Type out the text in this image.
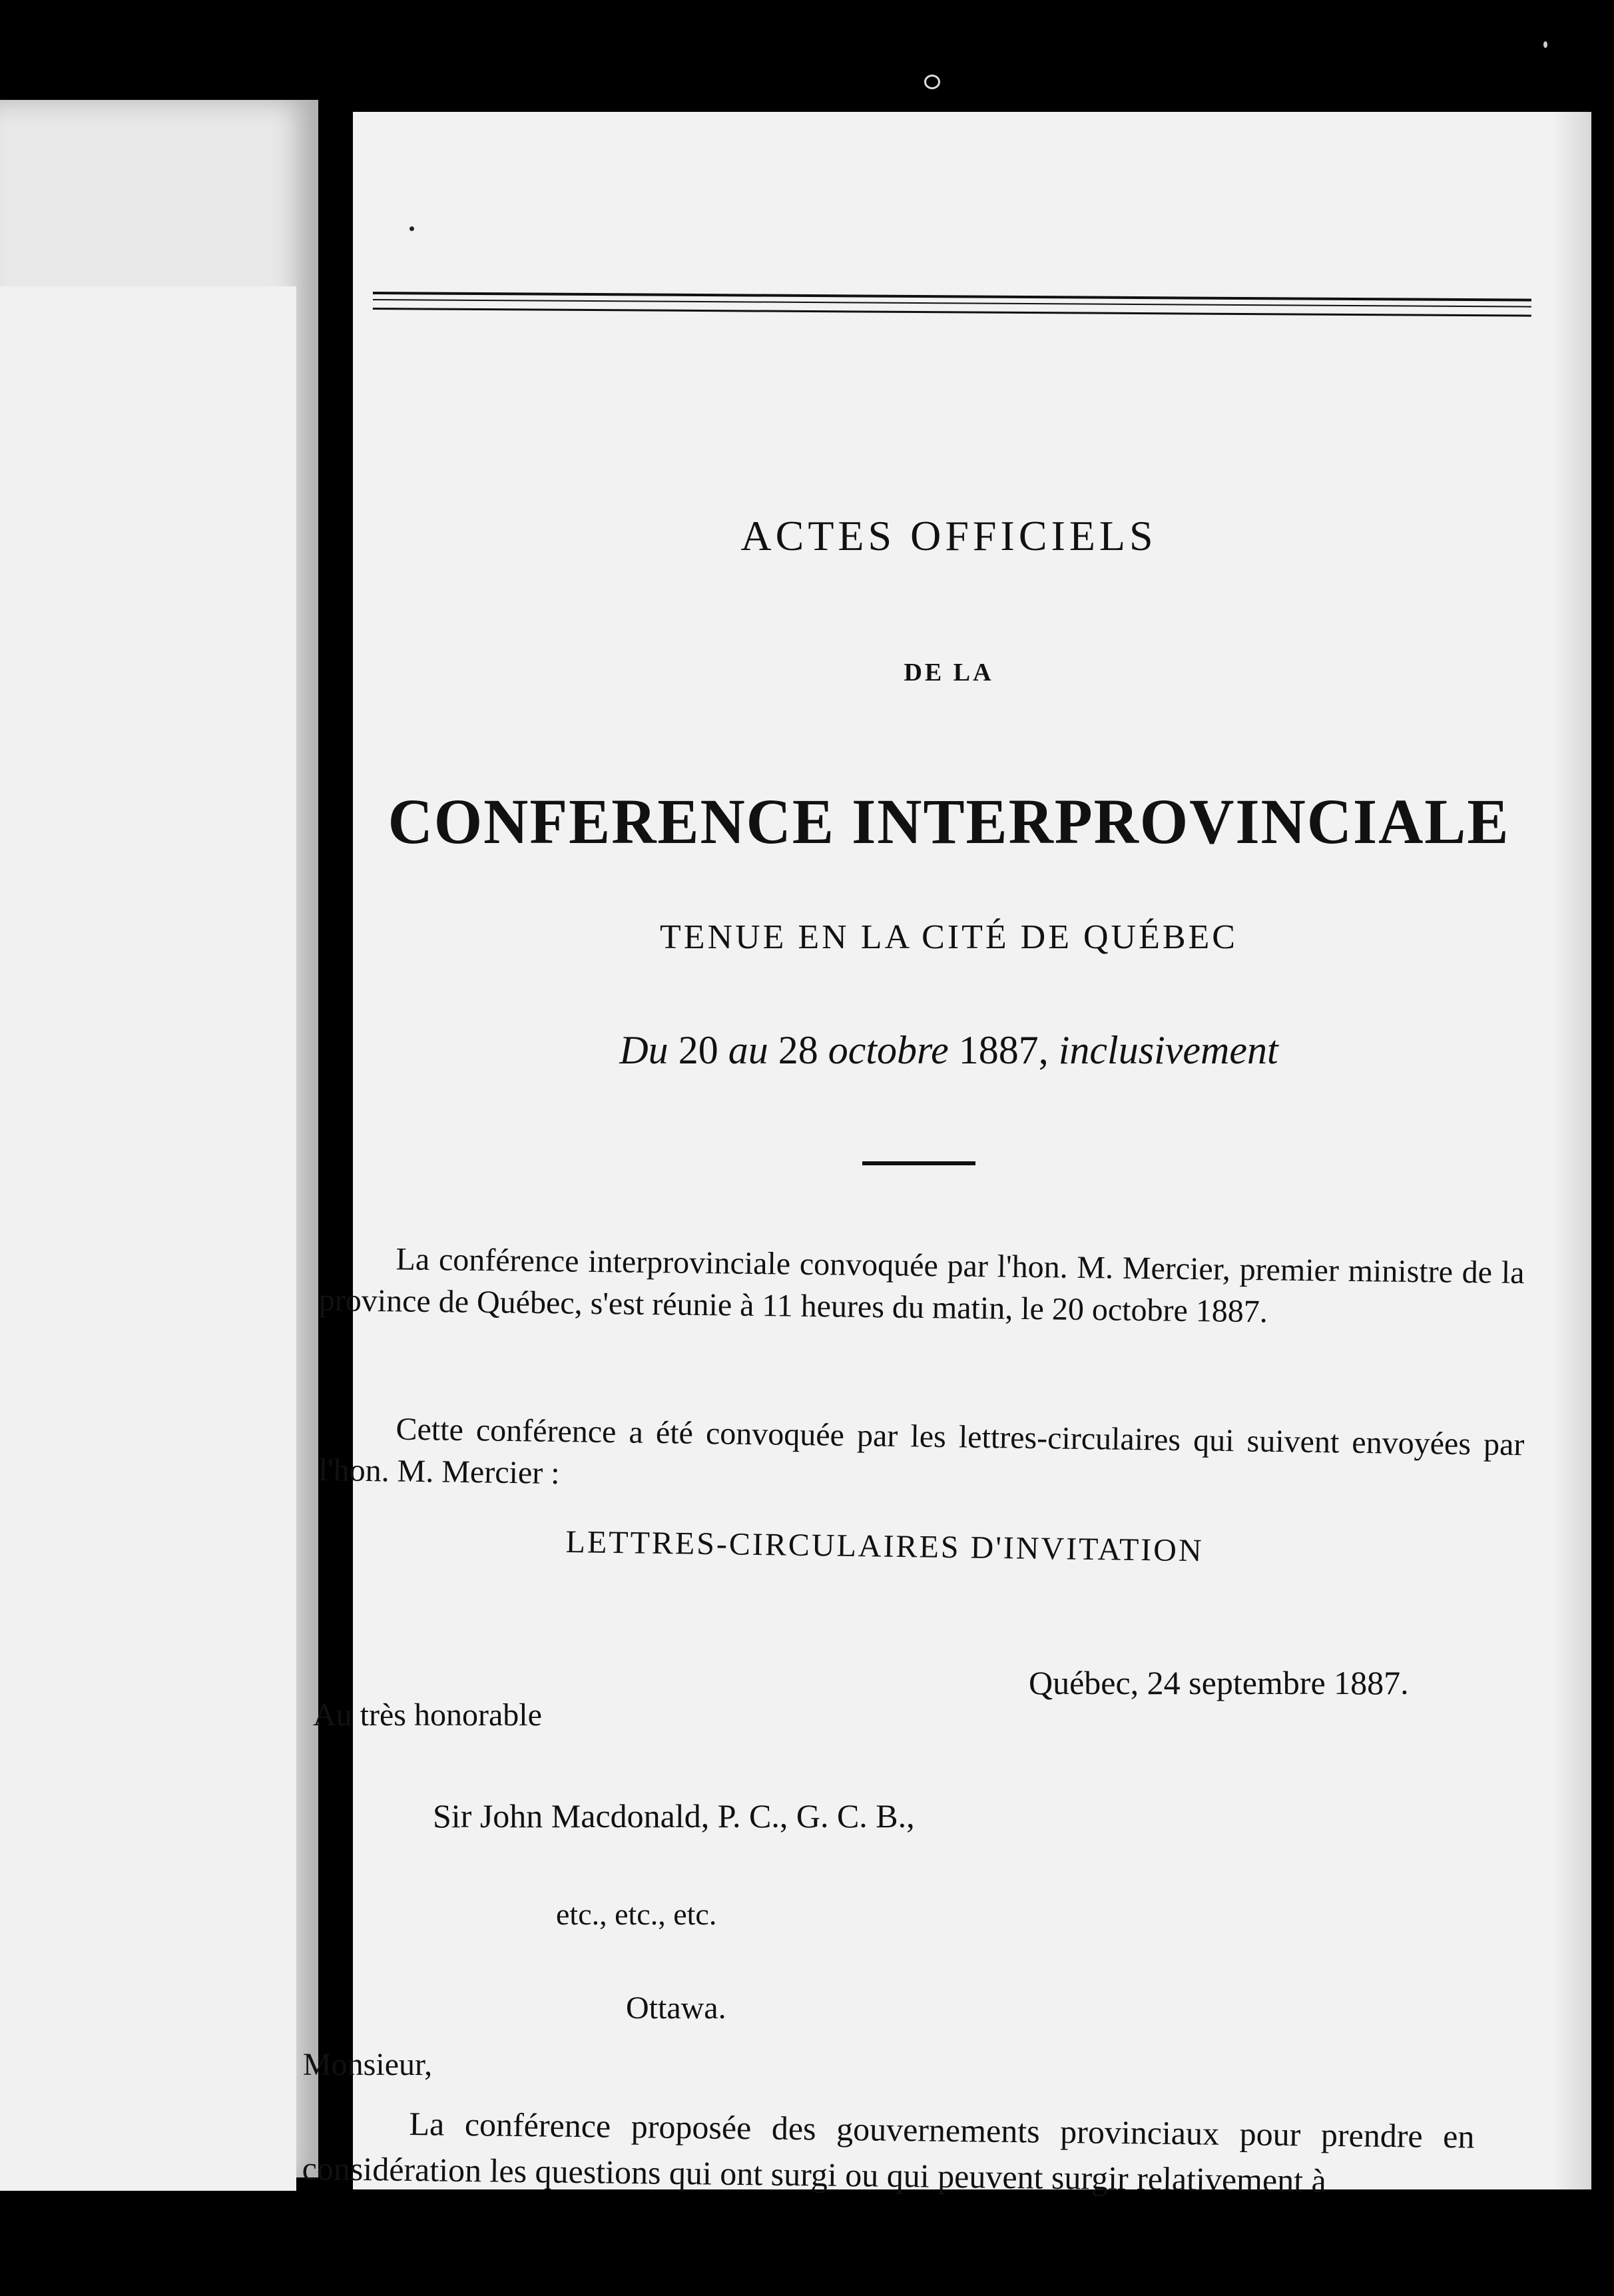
ACTES OFFICIELS
DE LA
CONFERENCE INTERPROVINCIALE
TENUE EN LA CITÉ DE QUÉBEC
Du 20 au 28 octobre 1887, inclusivement
La conférence interprovinciale convoquée par l'hon. M. Mercier, premier ministre de la province de Québec, s'est réunie à 11 heures du matin, le 20 octobre 1887.
Cette conférence a été convoquée par les lettres-circulaires qui suivent envoyées par l'hon. M. Mercier :
LETTRES-CIRCULAIRES D'INVITATION
Québec, 24 septembre 1887.
Au très honorable
Sir John Macdonald, P. C., G. C. B.,
etc., etc., etc.
Ottawa.
Monsieur,
La conférence proposée des gouvernements provinciaux pour prendre en considération les questions qui ont surgi ou qui peuvent surgir relativement à
